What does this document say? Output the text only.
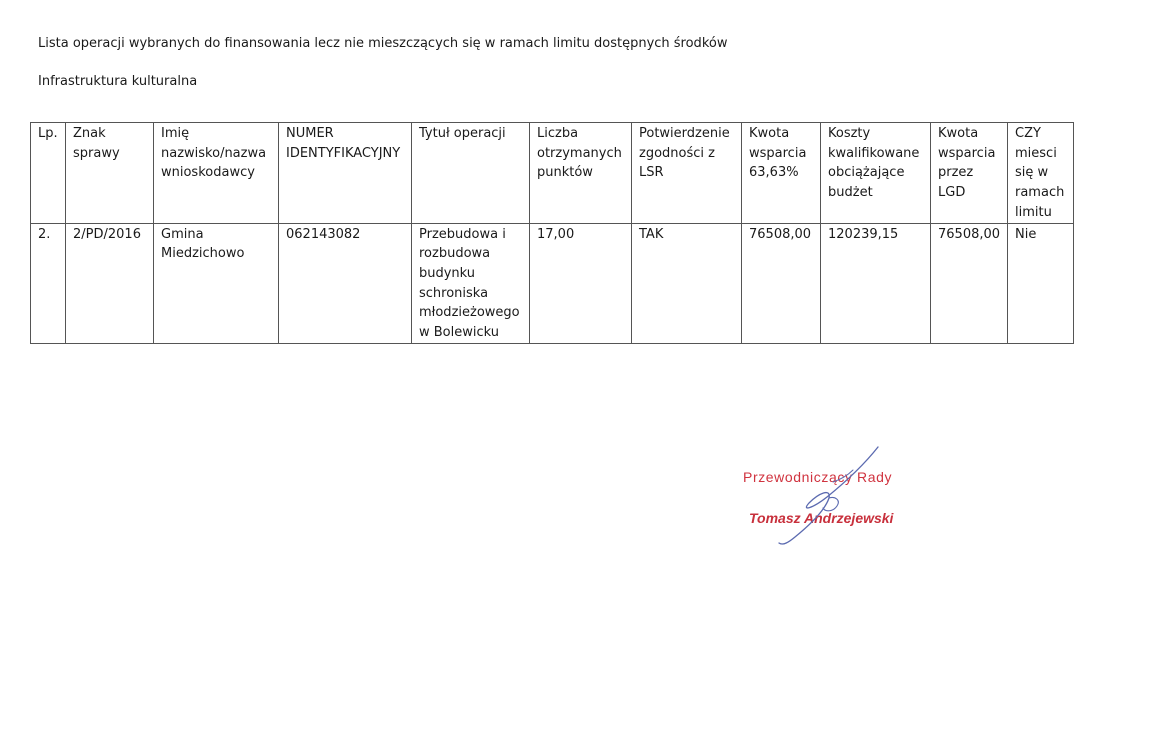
Lista operacji wybranych do finansowania lecz nie mieszczących się w ramach limitu dostępnych środków
Infrastruktura kulturalna
Lp.	Znak sprawy	Imię nazwisko/nazwa wnioskodawcy	NUMER IDENTYFIKACYJNY	Tytuł operacji	Liczba otrzymanych punktów	Potwierdzenie zgodności z LSR	Kwota wsparcia 63,63%	Koszty kwalifikowane obciążające budżet	Kwota wsparcia przez LGD	CZY miesci się w ramach limitu
2.	2/PD/2016	Gmina Miedzichowo	062143082	Przebudowa i rozbudowa budynku schroniska młodzieżowego w Bolewicku	17,00	TAK	76508,00	120239,15	76508,00	Nie
Przewodniczący Rady
Tomasz Andrzejewski
